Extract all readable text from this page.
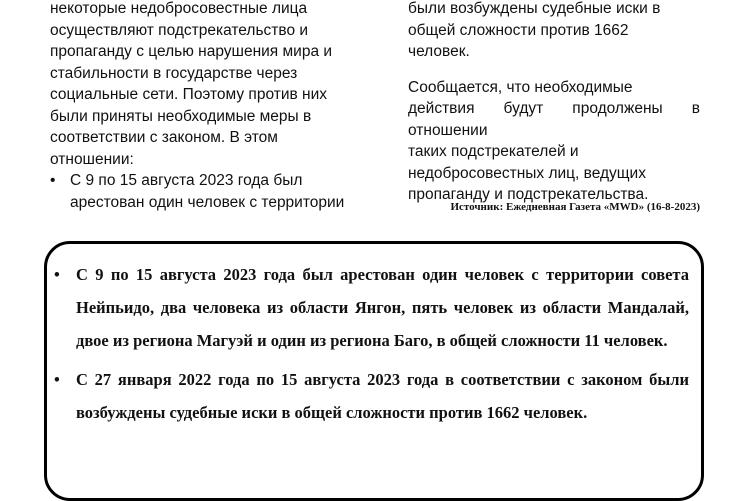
некоторые недобросовестные лица
осуществляют подстрекательство и
пропаганду с целью нарушения мира и
стабильности в государстве через
социальные сети. Поэтому против них
были приняты необходимые меры в
соответствии с законом. В этом
отношении:

• С 9 по 15 августа 2023 года был
арестован один человек с территории

были возбуждены судебные иски в
общей сложности против 1662
человек.

Сообщается, что необходимые
действия будут продолжены в отношении
таких подстрекателей и
недобросовестных лиц, ведущих
пропаганду и подстрекательства.

Источник: Ежедневная Газета «MWD» (16-8-2023)

• С 9 по 15 августа 2023 года был арестован один человек с территории совета Нейпьидо, два человека из области Янгон, пять человек из области Мандалай, двое из региона Магуэй и один из региона Баго, в общей сложности 11 человек.

• С 27 января 2022 года по 15 августа 2023 года в соответствии с законом были возбуждены судебные иски в общей сложности против 1662 человек.
